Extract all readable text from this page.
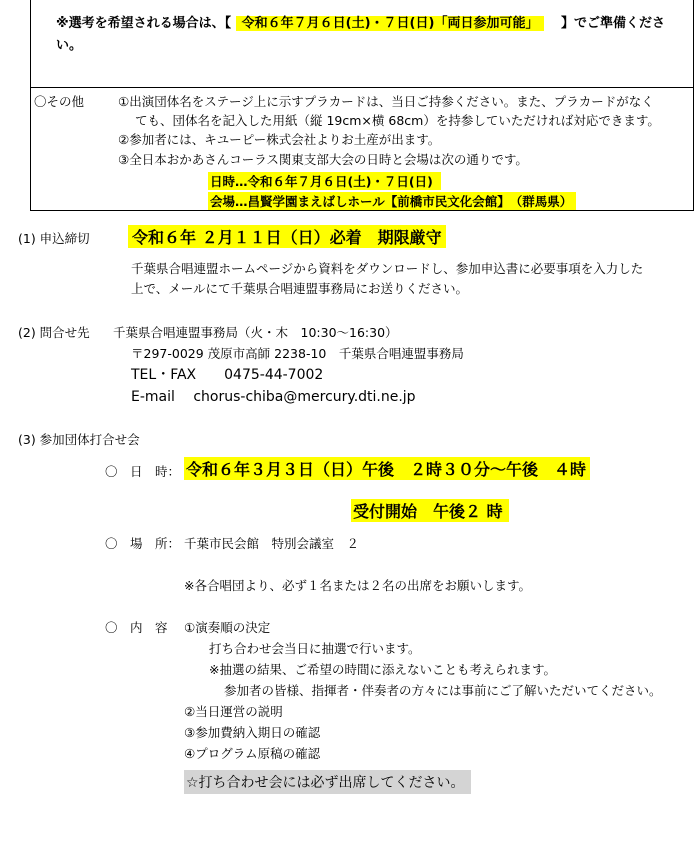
※選考を希望される場合は、【 令和６年７月６日(土)・７日(日)「両日参加可能」 】でご準備くださ
い。
〇その他	①出演団体名をステージ上に示すプラカードは、当日ご持参ください。また、プラカードがなく
ても、団体名を記入した用紙（縦 19cm×横 68cm）を持参していただければ対応できます。
②参加者には、キユーピー株式会社よりお土産が出ます。
③全日本おかあさんコーラス関東支部大会の日時と会場は次の通りです。
日時…令和６年７月６日(土)・７日(日)
会場…昌賢学園まえばしホール【前橋市民文化会館】　（群馬県）
(1) 申込締切	令和６年 ２月１１日（日）必着　期限厳守
千葉県合唱連盟ホームページから資料をダウンロードし、参加申込書に必要事項を入力した
上で、メールにて千葉県合唱連盟事務局にお送りください。
(2) 問合せ先 千葉県合唱連盟事務局（火・木　10:30～16:30）
〒297-0029 茂原市高師 2238-10　千葉県合唱連盟事務局
TEL・FAX　　0475‐44‐7002
E-mail　 chorus-chiba@mercury.dti.ne.jp
(3) 参加団体打合せ会
〇　日　時： 令和６年３月３日（日）午後　２時３０分～午後　４時
受付開始　午後２ 時
〇　場　所： 千葉市民会館　特別会議室　２
※各合唱団より、必ず１名または２名の出席をお願いします。
〇　内　容 ①演奏順の決定
打ち合わせ会当日に抽選で行います。
※抽選の結果、ご希望の時間に添えないことも考えられます。
参加者の皆様、指揮者・伴奏者の方々には事前にご了解いただいてください。
②当日運営の説明
③参加費納入期日の確認
④プログラム原稿の確認
☆打ち合わせ会には必ず出席してください。
